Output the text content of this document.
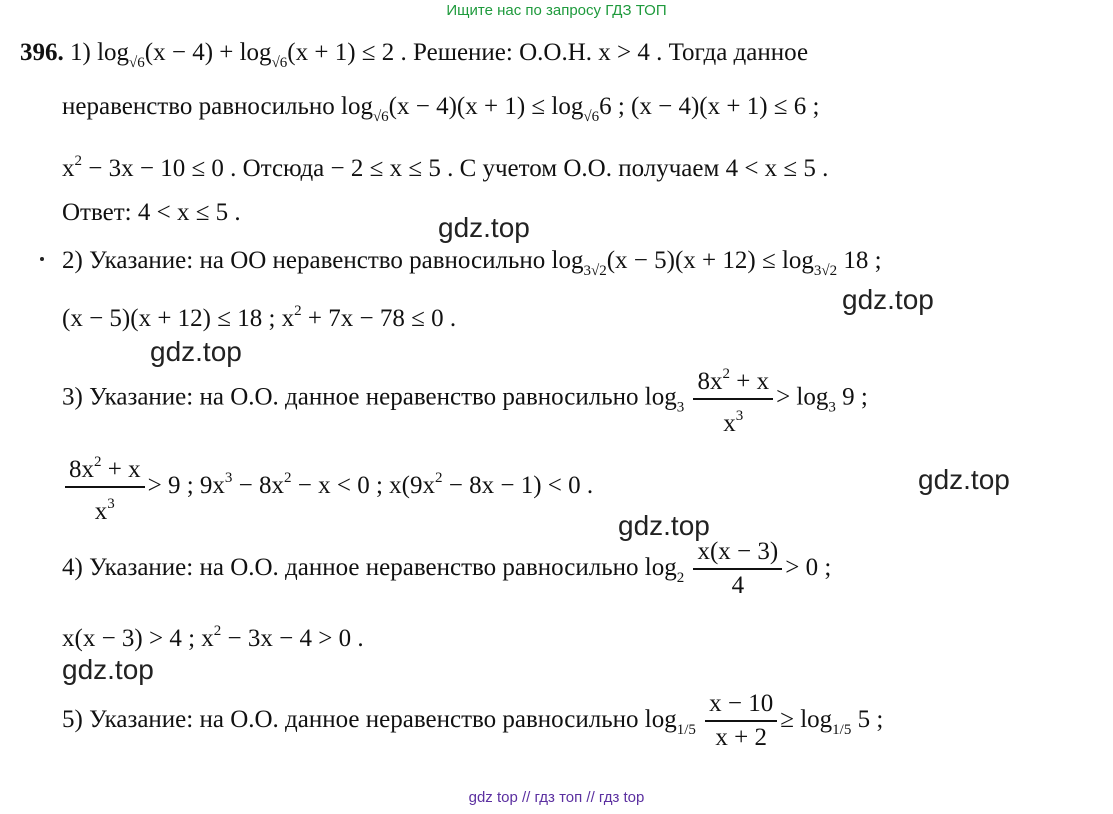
Ищите нас по запросу ГДЗ ТОП
396. 1) $\log_{√6}(x - 4) + \log_{√6}(x + 1) \le 2$ . Решение: О.О.Н. x > 4 . Тогда данное
неравенство равносильно $\log_{√6}(x - 4)(x + 1) \le \log_{√6}6$ ; (x − 4)(x + 1) ≤ 6 ;
$x^2 - 3x - 10 \le 0$ . Отсюда − 2 ≤ x ≤ 5 . С учетом О.О. получаем 4 < x ≤ 5 .
Ответ: 4 < x ≤ 5 .	gdz.top
2) Указание: на ОО неравенство равносильно $\log_{3√2}(x - 5)(x + 12) \le \log_{3√2} 18$ ;
gdz.top
(x − 5)(x + 12) ≤ 18 ; $x^2 + 7x - 78 \le 0$ .
gdz.top
3) Указание: на О.О. данное неравенство равносильно $\log_3 \frac{8x^2 + x}{x^3} > \log_3 9$ ;
$\frac{8x^2 + x}{x^3} > 9$ ; $9x^3 - 8x^2 - x < 0$ ; $x(9x^2 - 8x - 1) < 0$ .	gdz.top
gdz.top
4) Указание: на О.О. данное неравенство равносильно $\log_2 \frac{x(x - 3)}{4} > 0$ ;
x(x − 3) > 4 ; $x^2 - 3x - 4 > 0$ .
gdz.top
5) Указание: на О.О. данное неравенство равносильно $\log_{1/5} \frac{x - 10}{x + 2} \ge \log_{1/5} 5$ ;
gdz top // гдз топ // гдз top
